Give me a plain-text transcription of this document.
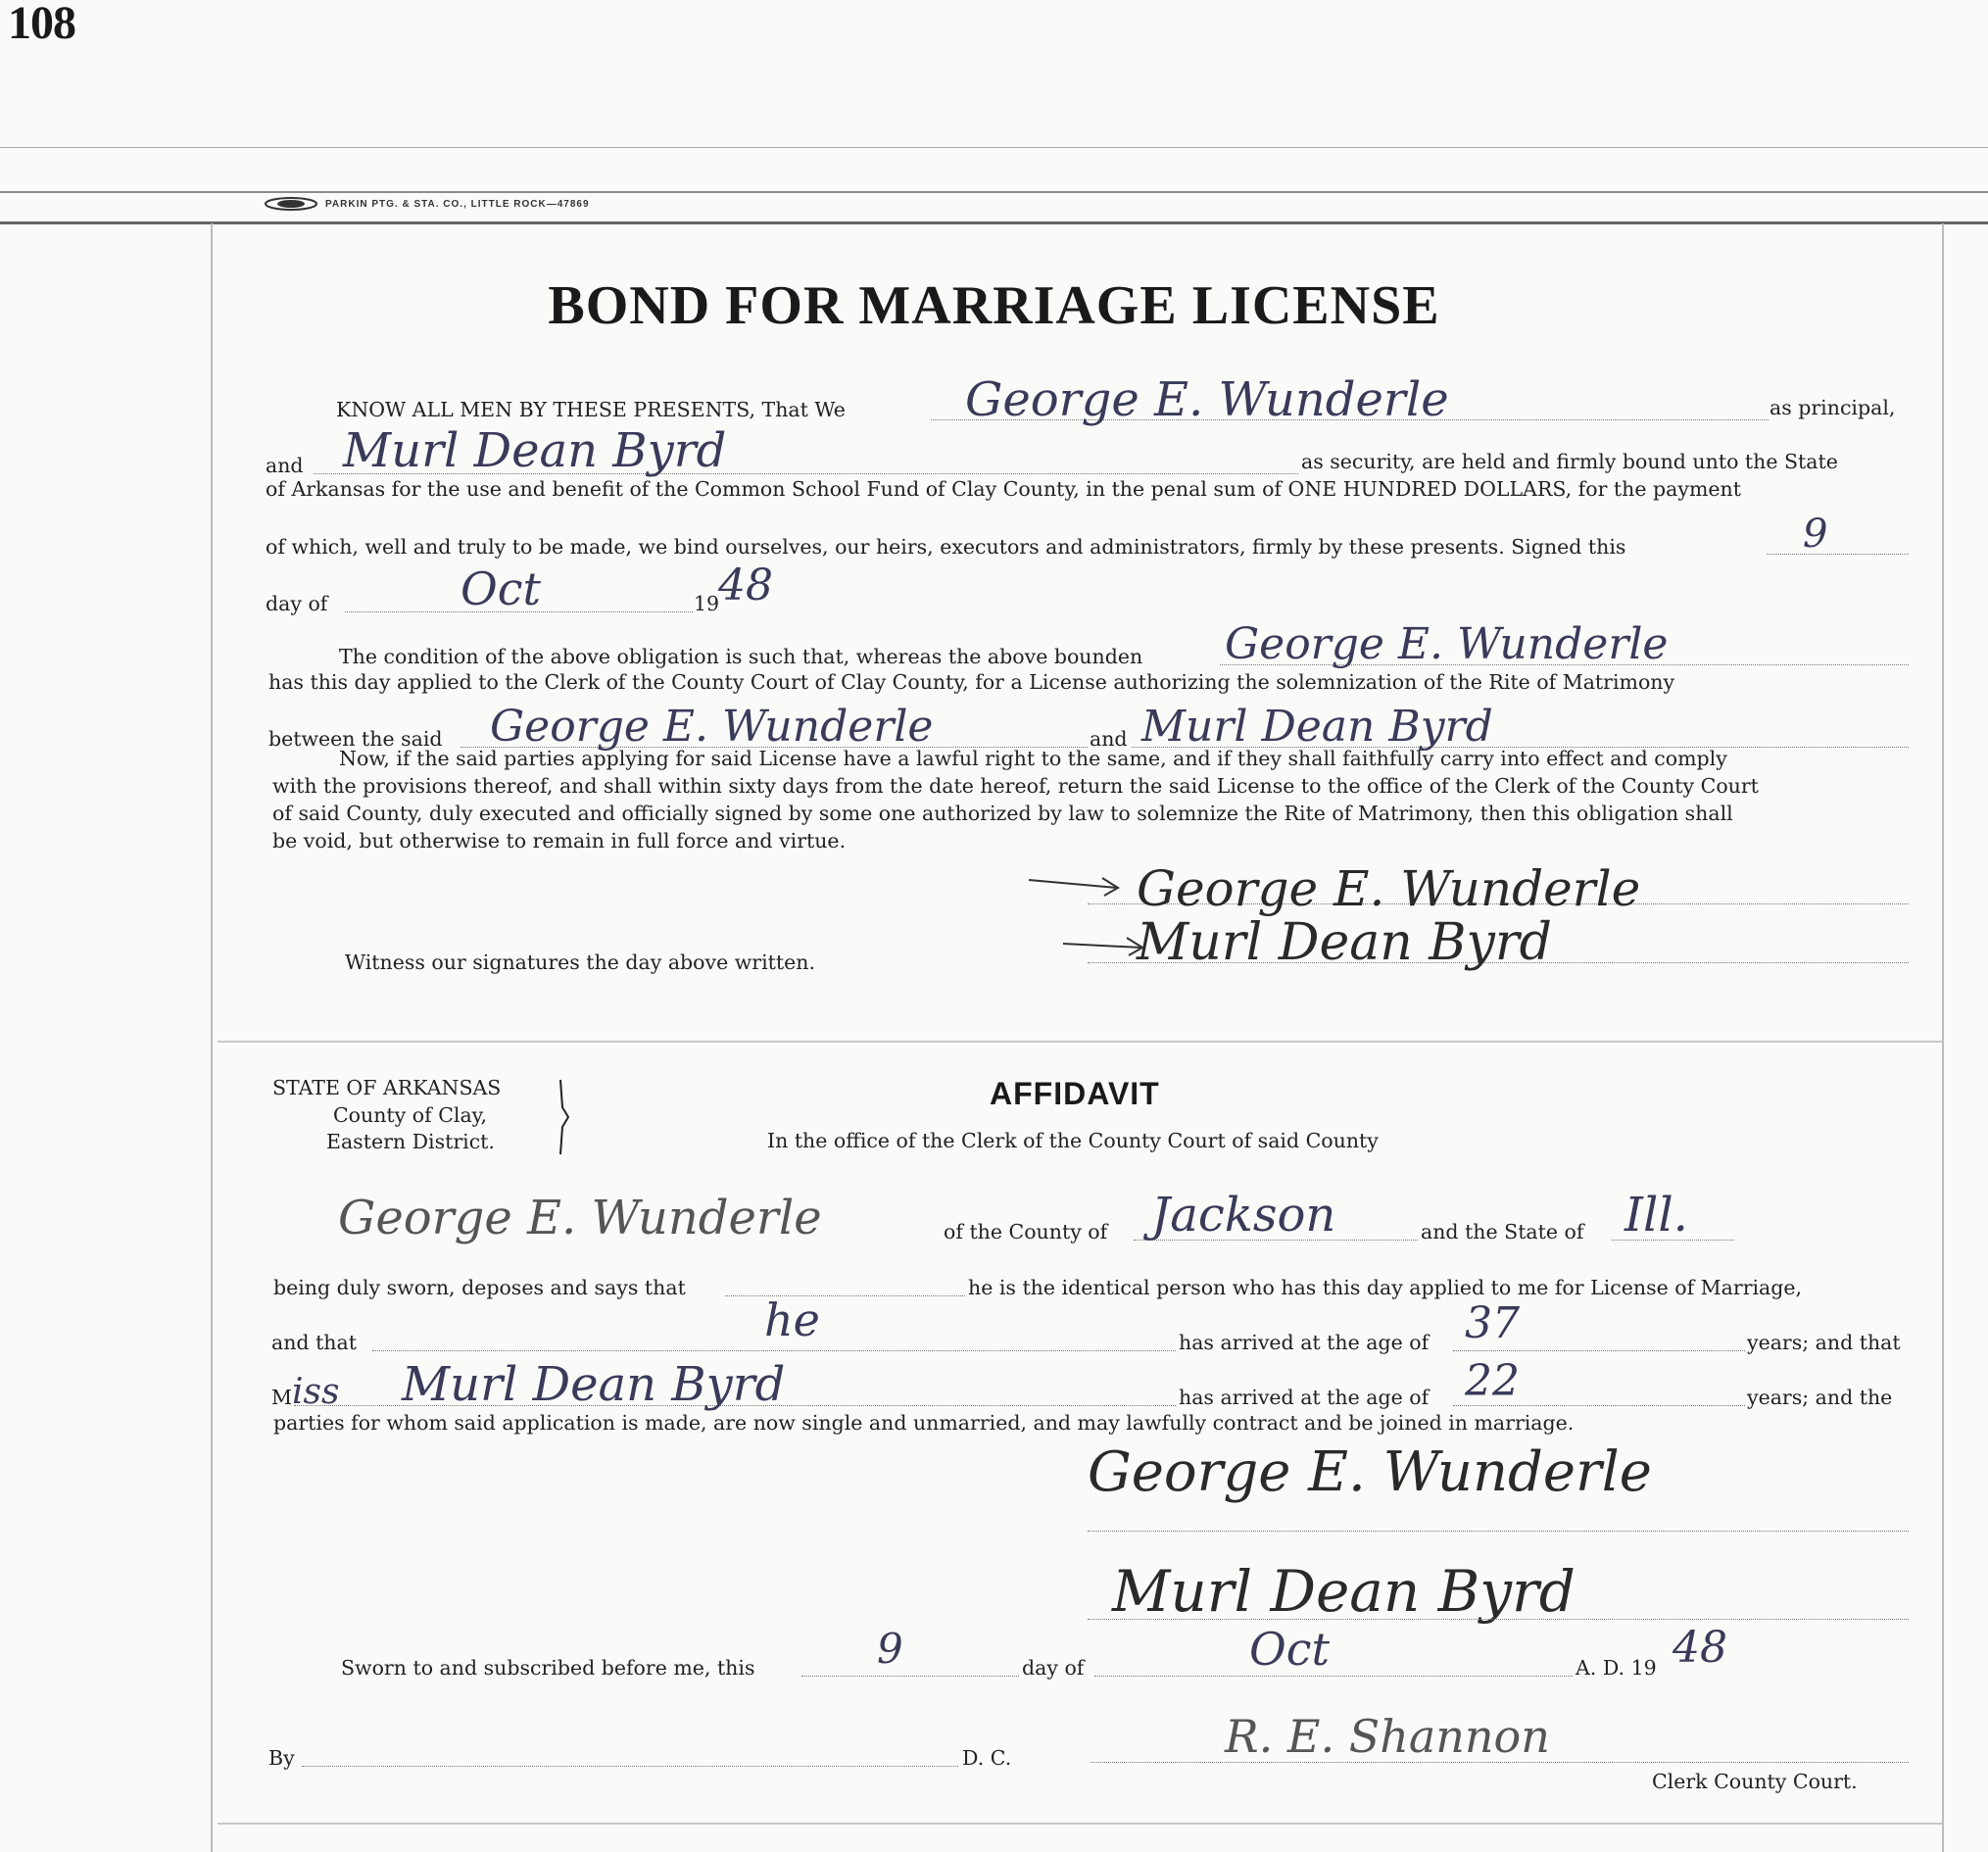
108
PARKIN PTG. & STA. CO., LITTLE ROCK—47869
BOND FOR MARRIAGE LICENSE
KNOW ALL MEN BY THESE PRESENTS, That We	George E. Wunderle	as principal,
and Murl Dean Byrd	as security, are held and firmly bound unto the State
of Arkansas for the use and benefit of the Common School Fund of Clay County, in the penal sum of ONE HUNDRED DOLLARS, for the payment
of which, well and truly to be made, we bind ourselves, our heirs, executors and administrators, firmly by these presents. Signed this	9
day of	Oct	19
48
The condition of the above obligation is such that, whereas the above bounden George E. Wunderle
has this day applied to the Clerk of the County Court of Clay County, for a License authorizing the solemnization of the Rite of Matrimony
between the said George E. Wunderle	and Murl Dean Byrd
Now, if the said parties applying for said License have a lawful right to the same, and if they shall faithfully carry into effect and comply
with the provisions thereof, and shall within sixty days from the date hereof, return the said License to the office of the Clerk of the County Court
of said County, duly executed and officially signed by some one authorized by law to solemnize the Rite of Matrimony, then this obligation shall
be void, but otherwise to remain in full force and virtue.
George E. Wunderle
Murl Dean Byrd
Witness our signatures the day above written.
STATE OF ARKANSAS
County of Clay,
Eastern District.
AFFIDAVIT
In the office of the Clerk of the County Court of said County
George E. Wunderle	of the County of Jackson	and the State of Ill.
being duly sworn, deposes and says that	he is the identical person who has this day applied to me for License of Marriage,
and that	he	has arrived at the age of 37	years; and that
M iss Murl Dean Byrd	has arrived at the age of 22	years; and the
parties for whom said application is made, are now single and unmarried, and may lawfully contract and be joined in marriage.
George E. Wunderle
Murl Dean Byrd
Sworn to and subscribed before me, this	9	day of	Oct	A. D. 19 48
By	D. C.	R. E. Shannon
Clerk County Court.
